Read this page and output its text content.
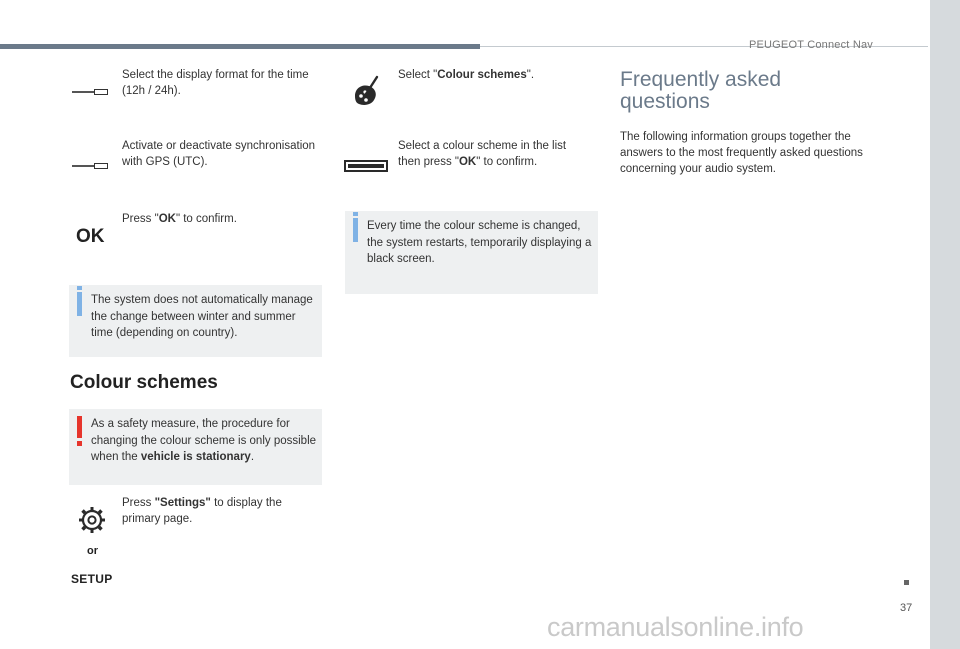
PEUGEOT Connect Nav
Select the display format for the time (12h / 24h).
Activate or deactivate synchronisation with GPS (UTC).
OK
Press "OK" to confirm.
The system does not automatically manage the change between winter and summer time (depending on country).
Colour schemes
As a safety measure, the procedure for changing the colour scheme is only possible when the vehicle is stationary.
Press "Settings" to display the primary page.
or
SETUP
Select "Colour schemes".
Select a colour scheme in the list then press "OK" to confirm.
Every time the colour scheme is changed, the system restarts, temporarily displaying a black screen.
Frequently asked questions
The following information groups together the answers to the most frequently asked questions concerning your audio system.
37
carmanualsonline.info
